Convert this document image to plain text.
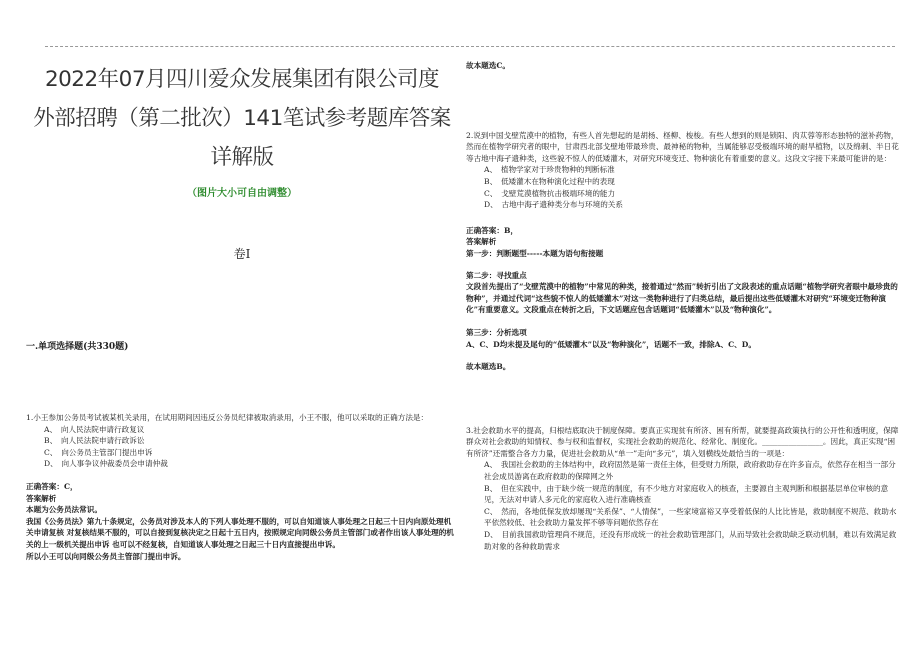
2022年07月四川爱众发展集团有限公司度
外部招聘（第二批次）141笔试参考题库答案
详解版
（图片大小可自由调整）
卷Ⅰ
一.单项选择题(共330题)

1.小王参加公务员考试被某机关录用，在试用期间因违反公务员纪律被取消录用，小王不服，他可以采取的正确方法是：

A、　向人民法院申请行政复议
B、　向人民法院申请行政诉讼
C、　向公务员主管部门提出申诉
D、　向人事争议仲裁委员会申请仲裁
正确答案：C，
答案解析
本题为公务员法常识。
我国《公务员法》第九十条规定，公务员对涉及本人的下列人事处理不服的，可以自知道该人事处理之日起三十日内向原处理机关申请复核 对复核结果不服的，可以自接到复核决定之日起十五日内，按照规定向同级公务员主管部门或者作出该人事处理的机关的上一级机关提出申诉 也可以不经复核，自知道该人事处理之日起三十日内直接提出申诉。
所以小王可以向同级公务员主管部门提出申诉。
故本题选C。

2.说到中国戈壁荒漠中的植物，有些人首先想起的是胡杨、柽柳、梭梭。有些人想到的则是锁阳、肉苁蓉等形态独特的滋补药物，然而在植物学研究者的眼中，甘肃西北部戈壁地带最珍贵、最神秘的物种，当属能够忍受极端环境的耐旱植物，以及绵刺、半日花等古地中海孑遗种类，这些貌不惊人的低矮灌木，对研究环境变迁、物种演化有着重要的意义。这段文字接下来最可能讲的是：

A、　植物学家对于珍贵物种的判断标准
B、　低矮灌木在物种演化过程中的表现
C、　戈壁荒漠植物抗击极端环境的能力
D、　古地中海孑遗种类分布与环境的关系
正确答案：B，
答案解析
第一步：判断题型-----本题为语句衔接题
第二步：寻找重点

文段首先提出了“戈壁荒漠中的植物”中常见的种类，接着通过“然而”转折引出了文段表述的重点话题“植物学研究者眼中最珍贵的物种”，并通过代词“这些貌不惊人的低矮灌木”对这一类物种进行了归类总结，最后提出这些低矮灌木对研究“环境变迁物种演化”有重要意义。文段重点在转折之后，下文话题应包含话题词“低矮灌木”以及“物种演化”。

第三步：分析选项
A、C、D均未提及尾句的“低矮灌木”以及“物种演化”，话题不一致，排除A、C、D。
故本题选B。

3.社会救助水平的提高，归根结底取决于制度保障。要真正实现贫有所济、困有所帮，就要提高政策执行的公开性和透明度，保障群众对社会救助的知情权、参与权和监督权，实现社会救助的规范化、经常化、制度化。________________。因此，真正实现“困有所济”还需整合各方力量，促进社会救助从“单一”走向“多元”，填入划横线处最恰当的一项是：

A、　我国社会救助的主体结构中，政府固然是第一责任主体，但受财力所限，政府救助存在许多盲点，依然存在相当一部分社会成员游离在政府救助的保障网之外

B、　但在实践中，由于缺少统一规范的制度，有不少地方对家庭收入的核查，主要源自主观判断和根据基层单位审核的意见，无法对申请人多元化的家庭收入进行准确核查

C、　然而，各地低保发放却屡现“关系保”、“人情保”，一些家境富裕又享受着低保的人比比皆是，救助制度不规范、救助水平依然较低、社会救助力量发挥不够等问题依然存在

D、　目前我国救助管理尚不规范，还没有形成统一的社会救助管理部门，从而导致社会救助缺乏联动机制，难以有效满足救助对象的各种救助需求
